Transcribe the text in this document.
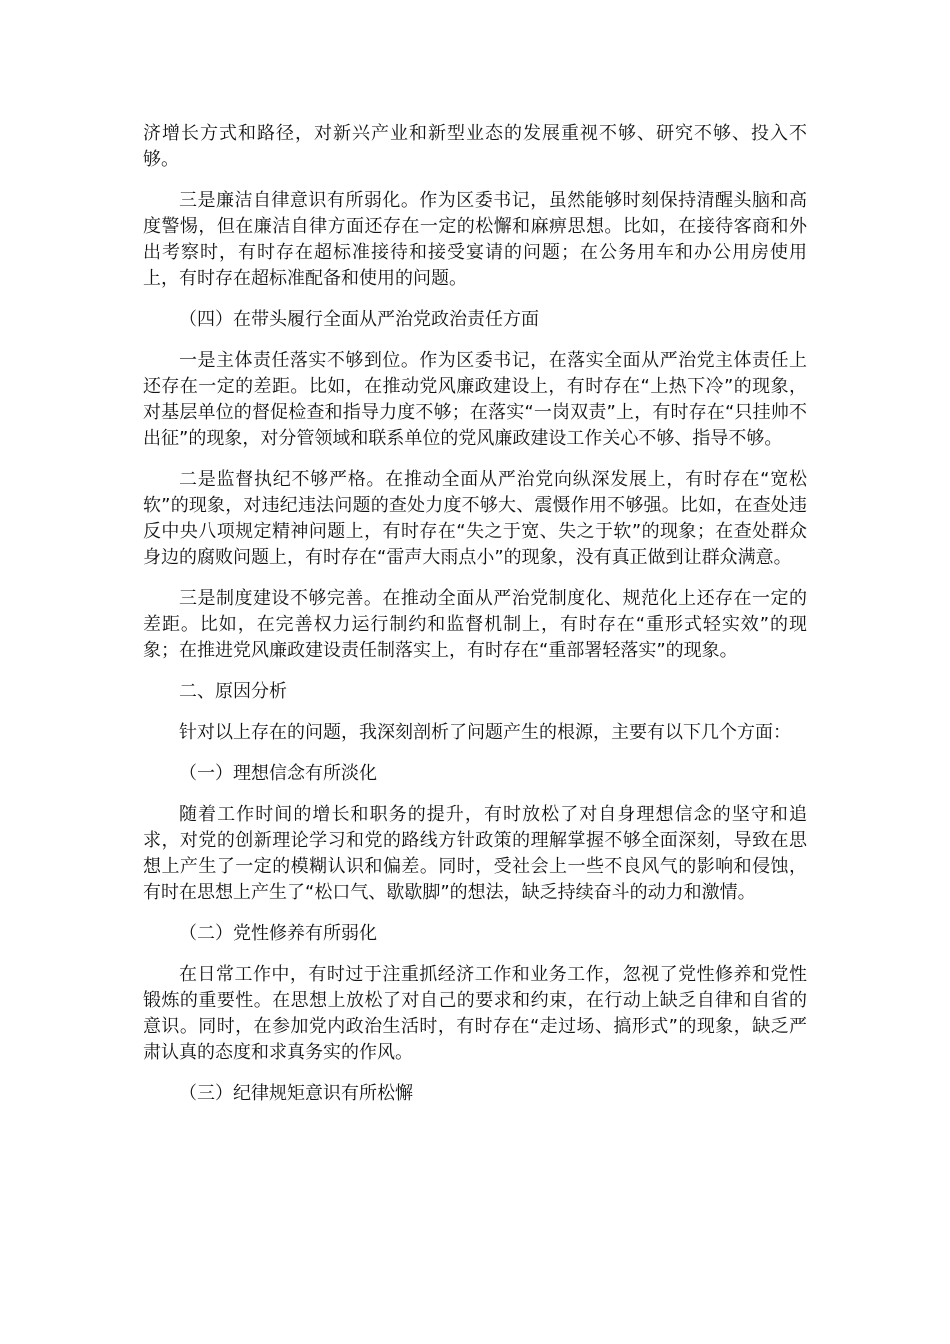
济增长方式和路径，对新兴产业和新型业态的发展重视不够、研究不够、投入不够。

三是廉洁自律意识有所弱化。作为区委书记，虽然能够时刻保持清醒头脑和高度警惕，但在廉洁自律方面还存在一定的松懈和麻痹思想。比如，在接待客商和外出考察时，有时存在超标准接待和接受宴请的问题；在公务用车和办公用房使用上，有时存在超标准配备和使用的问题。

（四）在带头履行全面从严治党政治责任方面

一是主体责任落实不够到位。作为区委书记，在落实全面从严治党主体责任上还存在一定的差距。比如，在推动党风廉政建设上，有时存在“上热下冷”的现象，对基层单位的督促检查和指导力度不够；在落实“一岗双责”上，有时存在“只挂帅不出征”的现象，对分管领域和联系单位的党风廉政建设工作关心不够、指导不够。

二是监督执纪不够严格。在推动全面从严治党向纵深发展上，有时存在“宽松软”的现象，对违纪违法问题的查处力度不够大、震慑作用不够强。比如，在查处违反中央八项规定精神问题上，有时存在“失之于宽、失之于软”的现象；在查处群众身边的腐败问题上，有时存在“雷声大雨点小”的现象，没有真正做到让群众满意。

三是制度建设不够完善。在推动全面从严治党制度化、规范化上还存在一定的差距。比如，在完善权力运行制约和监督机制上，有时存在“重形式轻实效”的现象；在推进党风廉政建设责任制落实上，有时存在“重部署轻落实”的现象。

二、原因分析

针对以上存在的问题，我深刻剖析了问题产生的根源，主要有以下几个方面：

（一）理想信念有所淡化

随着工作时间的增长和职务的提升，有时放松了对自身理想信念的坚守和追求，对党的创新理论学习和党的路线方针政策的理解掌握不够全面深刻，导致在思想上产生了一定的模糊认识和偏差。同时，受社会上一些不良风气的影响和侵蚀，有时在思想上产生了“松口气、歇歇脚”的想法，缺乏持续奋斗的动力和激情。

（二）党性修养有所弱化

在日常工作中，有时过于注重抓经济工作和业务工作，忽视了党性修养和党性锻炼的重要性。在思想上放松了对自己的要求和约束，在行动上缺乏自律和自省的意识。同时，在参加党内政治生活时，有时存在“走过场、搞形式”的现象，缺乏严肃认真的态度和求真务实的作风。

（三）纪律规矩意识有所松懈
